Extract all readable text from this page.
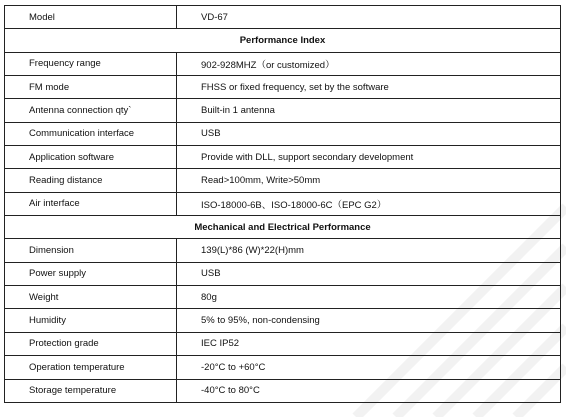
Model	VD-67
Performance Index	
Frequency range	902-928MHZ（or customized）
FM mode	FHSS or fixed frequency, set by the software
Antenna connection qty`	Built-in 1 antenna
Communication interface	USB
Application software	Provide with DLL, support secondary development
Reading distance	Read>100mm, Write>50mm
Air interface	ISO-18000-6B、ISO-18000-6C（EPC G2）
Mechanical and Electrical Performance	
Dimension	139(L)*86 (W)*22(H)mm
Power supply	USB
Weight	80g
Humidity	5% to 95%, non-condensing
Protection grade	IEC IP52
Operation temperature	-20°C to +60°C
Storage temperature	-40°C to 80°C
